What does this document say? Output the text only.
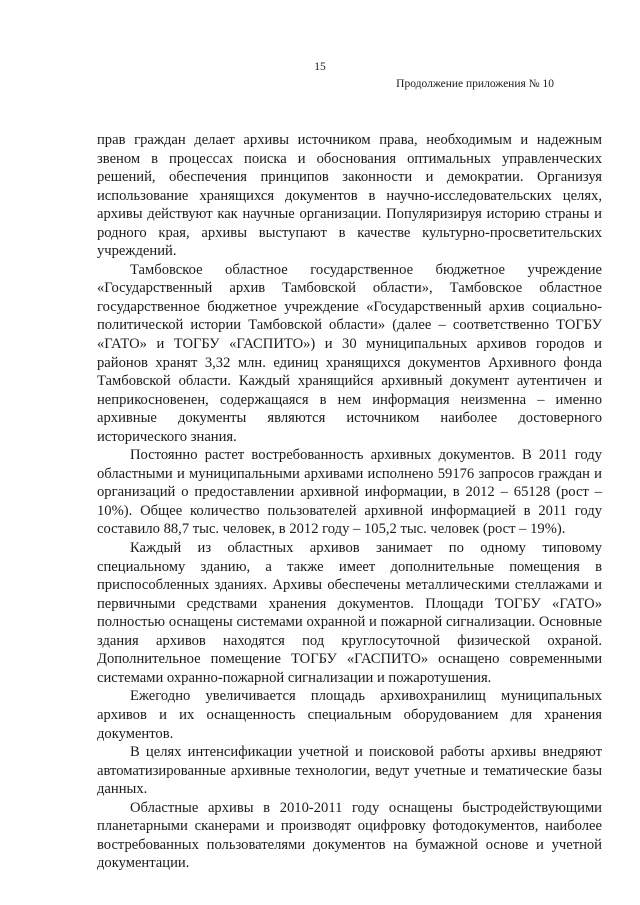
15
Продолжение приложения № 10

прав граждан делает архивы источником права, необходимым и надежным звеном в процессах поиска и обоснования оптимальных управленческих решений, обеспечения принципов законности и демократии. Организуя использование хранящихся документов в научно-исследовательских целях, архивы действуют как научные организации. Популяризируя историю страны и родного края, архивы выступают в качестве культурно-просветительских учреждений.

Тамбовское областное государственное бюджетное учреждение «Государственный архив Тамбовской области», Тамбовское областное государственное бюджетное учреждение «Государственный архив социально-политической истории Тамбовской области» (далее – соответственно ТОГБУ «ГАТО» и ТОГБУ «ГАСПИТО») и 30 муниципальных архивов городов и районов хранят 3,32 млн. единиц хранящихся документов Архивного фонда Тамбовской области. Каждый хранящийся архивный документ аутентичен и неприкосновенен, содержащаяся в нем информация неизменна – именно архивные документы являются источником наиболее достоверного исторического знания.

Постоянно растет востребованность архивных документов. В 2011 году областными и муниципальными архивами исполнено 59176 запросов граждан и организаций о предоставлении архивной информации, в 2012 – 65128 (рост – 10%). Общее количество пользователей архивной информацией в 2011 году составило 88,7 тыс. человек, в 2012 году – 105,2 тыс. человек (рост – 19%).

Каждый из областных архивов занимает по одному типовому специальному зданию, а также имеет дополнительные помещения в приспособленных зданиях. Архивы обеспечены металлическими стеллажами и первичными средствами хранения документов. Площади ТОГБУ «ГАТО» полностью оснащены системами охранной и пожарной сигнализации. Основные здания архивов находятся под круглосуточной физической охраной. Дополнительное помещение ТОГБУ «ГАСПИТО» оснащено современными системами охранно-пожарной сигнализации и пожаротушения.

Ежегодно увеличивается площадь архивохранилищ муниципальных архивов и их оснащенность специальным оборудованием для хранения документов.

В целях интенсификации учетной и поисковой работы архивы внедряют автоматизированные архивные технологии, ведут учетные и тематические базы данных.

Областные архивы в 2010-2011 году оснащены быстродействующими планетарными сканерами и производят оцифровку фотодокументов, наиболее востребованных пользователями документов на бумажной основе и учетной документации.
